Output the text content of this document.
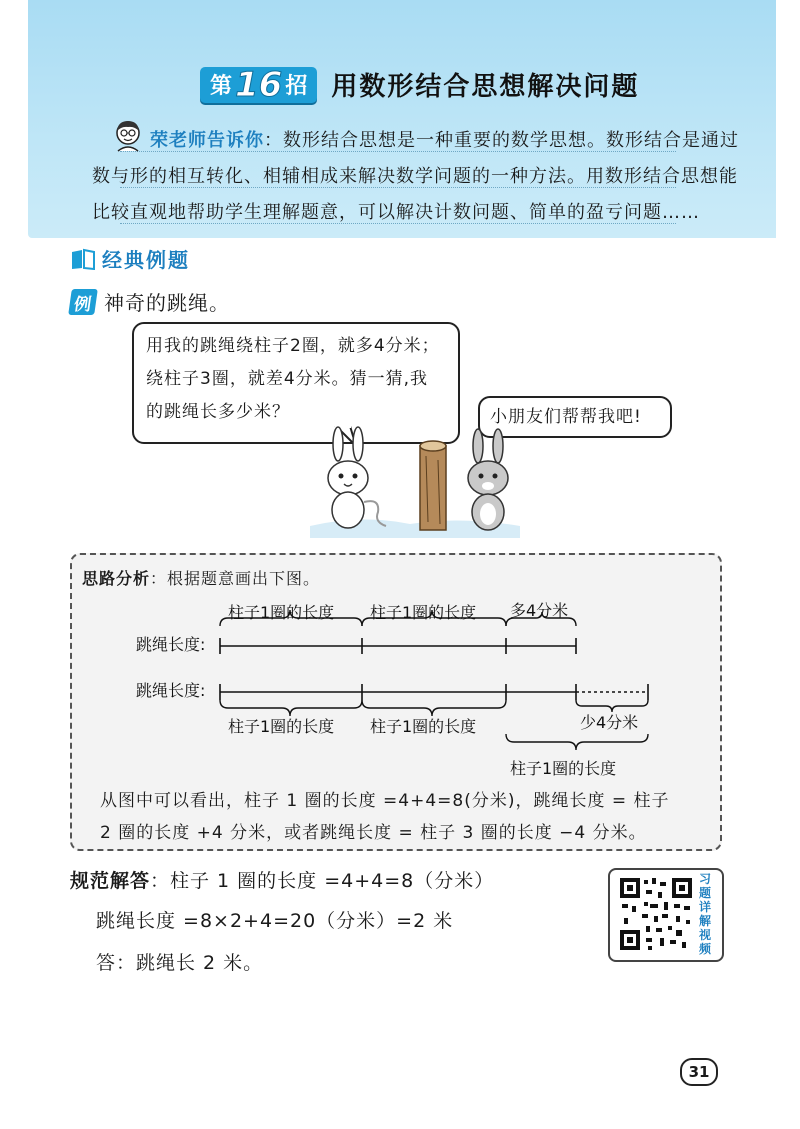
第 16 招 用数形结合思想解决问题
荣老师告诉你：数形结合思想是一种重要的数学思想。数形结合是通过
数与形的相互转化、相辅相成来解决数学问题的一种方法。用数形结合思想能
比较直观地帮助学生理解题意，可以解决计数问题、简单的盈亏问题……
经典例题
例 神奇的跳绳。
用我的跳绳绕柱子2圈，就多4分米；
绕柱子3圈，就差4分米。猜一猜,我
的跳绳长多少米？	小朋友们帮帮我吧!
思路分析：根据题意画出下图。
柱子1圈的长度 柱子1圈的长度 多4分米
跳绳长度:
跳绳长度:
柱子1圈的长度 柱子1圈的长度	少4分米
柱子1圈的长度
从图中可以看出，柱子 1 圈的长度 =4+4=8(分米)，跳绳长度 = 柱子
2 圈的长度 +4 分米，或者跳绳长度 = 柱子 3 圈的长度 −4 分米。
规范解答：柱子 1 圈的长度 =4+4=8（分米）
跳绳长度 =8×2+4=20（分米）=2 米
答：跳绳长 2 米。
习
题
详
解
视
频
31
